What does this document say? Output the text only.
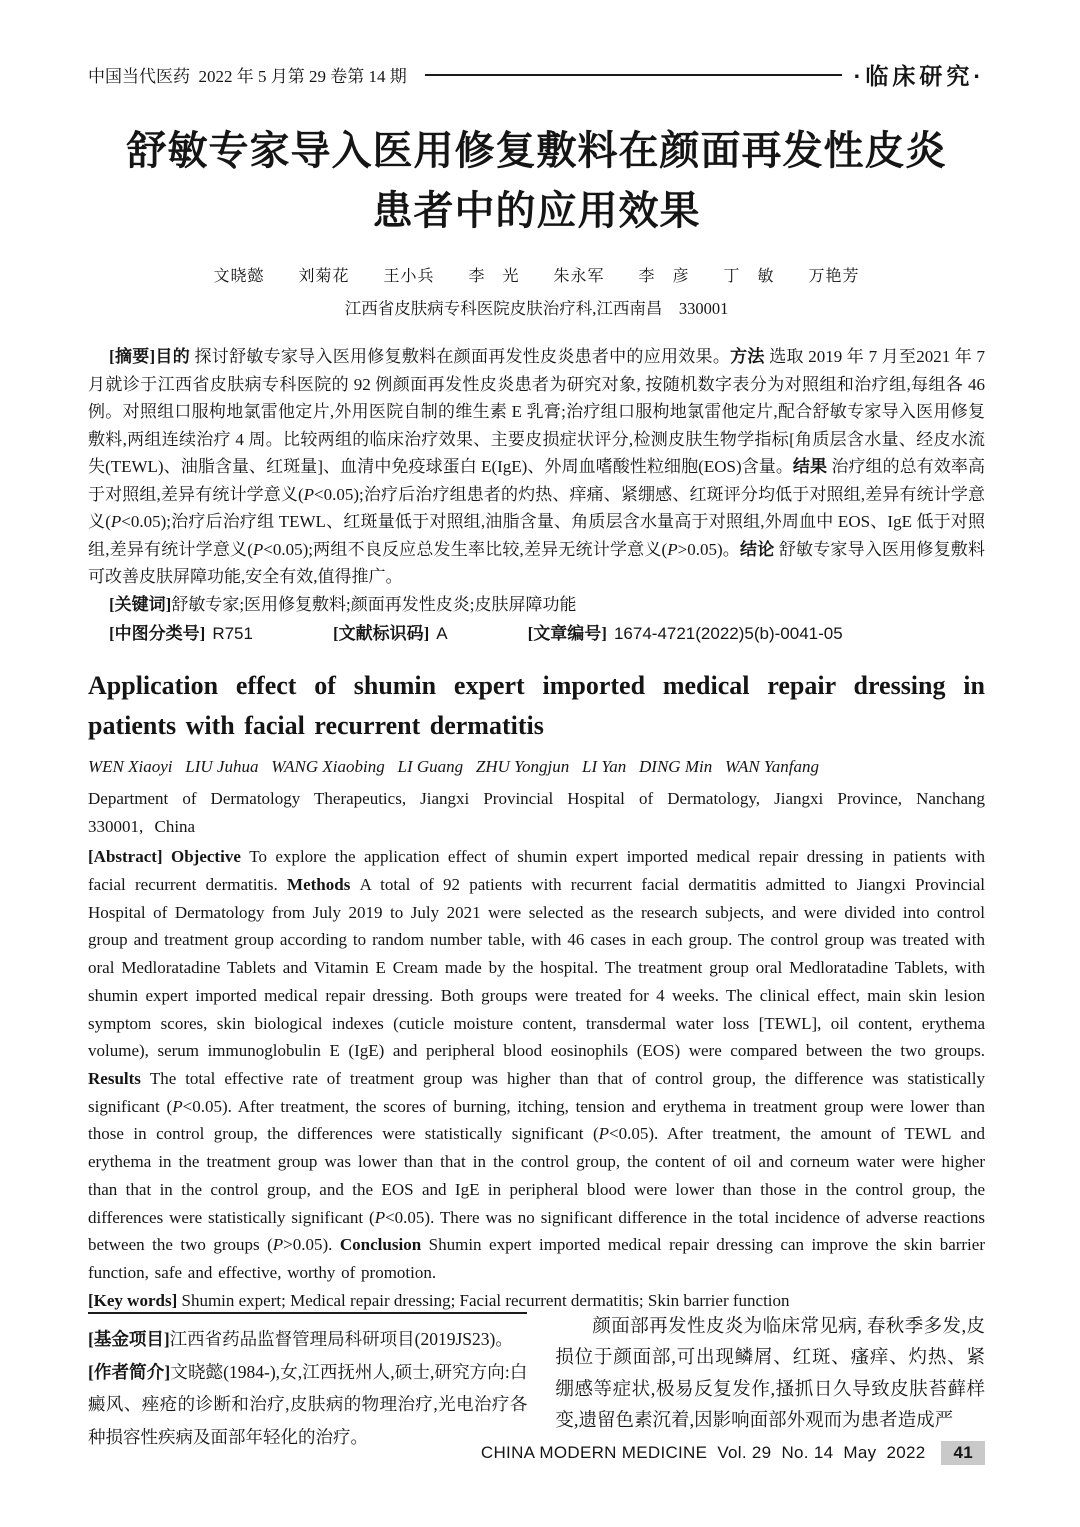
中国当代医药  2022 年 5 月第 29 卷第 14 期	·临床研究·
舒敏专家导入医用修复敷料在颜面再发性皮炎
患者中的应用效果
文晓懿　　刘菊花　　王小兵　　李　光　　朱永军　　李　彦　　丁　敏　　万艳芳
江西省皮肤病专科医院皮肤治疗科,江西南昌　330001

[摘要]目的 探讨舒敏专家导入医用修复敷料在颜面再发性皮炎患者中的应用效果。方法 选取 2019 年 7 月至2021 年 7 月就诊于江西省皮肤病专科医院的 92 例颜面再发性皮炎患者为研究对象, 按随机数字表分为对照组和治疗组,每组各 46 例。对照组口服枸地氯雷他定片,外用医院自制的维生素 E 乳膏;治疗组口服枸地氯雷他定片,配合舒敏专家导入医用修复敷料,两组连续治疗 4 周。比较两组的临床治疗效果、主要皮损症状评分,检测皮肤生物学指标[角质层含水量、经皮水流失(TEWL)、油脂含量、红斑量]、血清中免疫球蛋白 E(IgE)、外周血嗜酸性粒细胞(EOS)含量。结果 治疗组的总有效率高于对照组,差异有统计学意义(P<0.05);治疗后治疗组患者的灼热、痒痛、紧绷感、红斑评分均低于对照组,差异有统计学意义(P<0.05);治疗后治疗组 TEWL、红斑量低于对照组,油脂含量、角质层含水量高于对照组,外周血中 EOS、IgE 低于对照组,差异有统计学意义(P<0.05);两组不良反应总发生率比较,差异无统计学意义(P>0.05)。结论 舒敏专家导入医用修复敷料可改善皮肤屏障功能,安全有效,值得推广。

[关键词]舒敏专家;医用修复敷料;颜面再发性皮炎;皮肤屏障功能

[中图分类号] R751	[文献标识码] A	[文章编号] 1674-4721(2022)5(b)-0041-05

Application effect of shumin expert imported medical repair dressing in patients with facial recurrent dermatitis
WEN Xiaoyi   LIU Juhua   WANG Xiaobing   LI Guang   ZHU Yongjun   LI Yan   DING Min   WAN Yanfang
Department of Dermatology Therapeutics, Jiangxi Provincial Hospital of Dermatology, Jiangxi Province, Nanchang 330001, China

[Abstract] Objective To explore the application effect of shumin expert imported medical repair dressing in patients with facial recurrent dermatitis. Methods A total of 92 patients with recurrent facial dermatitis admitted to Jiangxi Provincial Hospital of Dermatology from July 2019 to July 2021 were selected as the research subjects, and were divided into control group and treatment group according to random number table, with 46 cases in each group. The control group was treated with oral Medloratadine Tablets and Vitamin E Cream made by the hospital. The treatment group oral Medloratadine Tablets, with shumin expert imported medical repair dressing. Both groups were treated for 4 weeks. The clinical effect, main skin lesion symptom scores, skin biological indexes (cuticle moisture content, transdermal water loss [TEWL], oil content, erythema volume), serum immunoglobulin E (IgE) and peripheral blood eosinophils (EOS) were compared between the two groups. Results The total effective rate of treatment group was higher than that of control group, the difference was statistically significant (P<0.05). After treatment, the scores of burning, itching, tension and erythema in treatment group were lower than those in control group, the differences were statistically significant (P<0.05). After treatment, the amount of TEWL and erythema in the treatment group was lower than that in the control group, the content of oil and corneum water were higher than that in the control group, and the EOS and IgE in peripheral blood were lower than those in the control group, the differences were statistically significant (P<0.05). There was no significant difference in the total incidence of adverse reactions between the two groups (P>0.05). Conclusion Shumin expert imported medical repair dressing can improve the skin barrier function, safe and effective, worthy of promotion.

[Key words] Shumin expert; Medical repair dressing; Facial recurrent dermatitis; Skin barrier function

[基金项目]江西省药品监督管理局科研项目(2019JS23)。

[作者简介]文晓懿(1984-),女,江西抚州人,硕士,研究方向:白癜风、痤疮的诊断和治疗,皮肤病的物理治疗,光电治疗各种损容性疾病及面部年轻化的治疗。

颜面部再发性皮炎为临床常见病, 春秋季多发,皮损位于颜面部,可出现鳞屑、红斑、瘙痒、灼热、紧绷感等症状,极易反复发作,搔抓日久导致皮肤苔藓样变,遗留色素沉着,因影响面部外观而为患者造成严
CHINA MODERN MEDICINE  Vol. 29  No. 14  May  2022	41
